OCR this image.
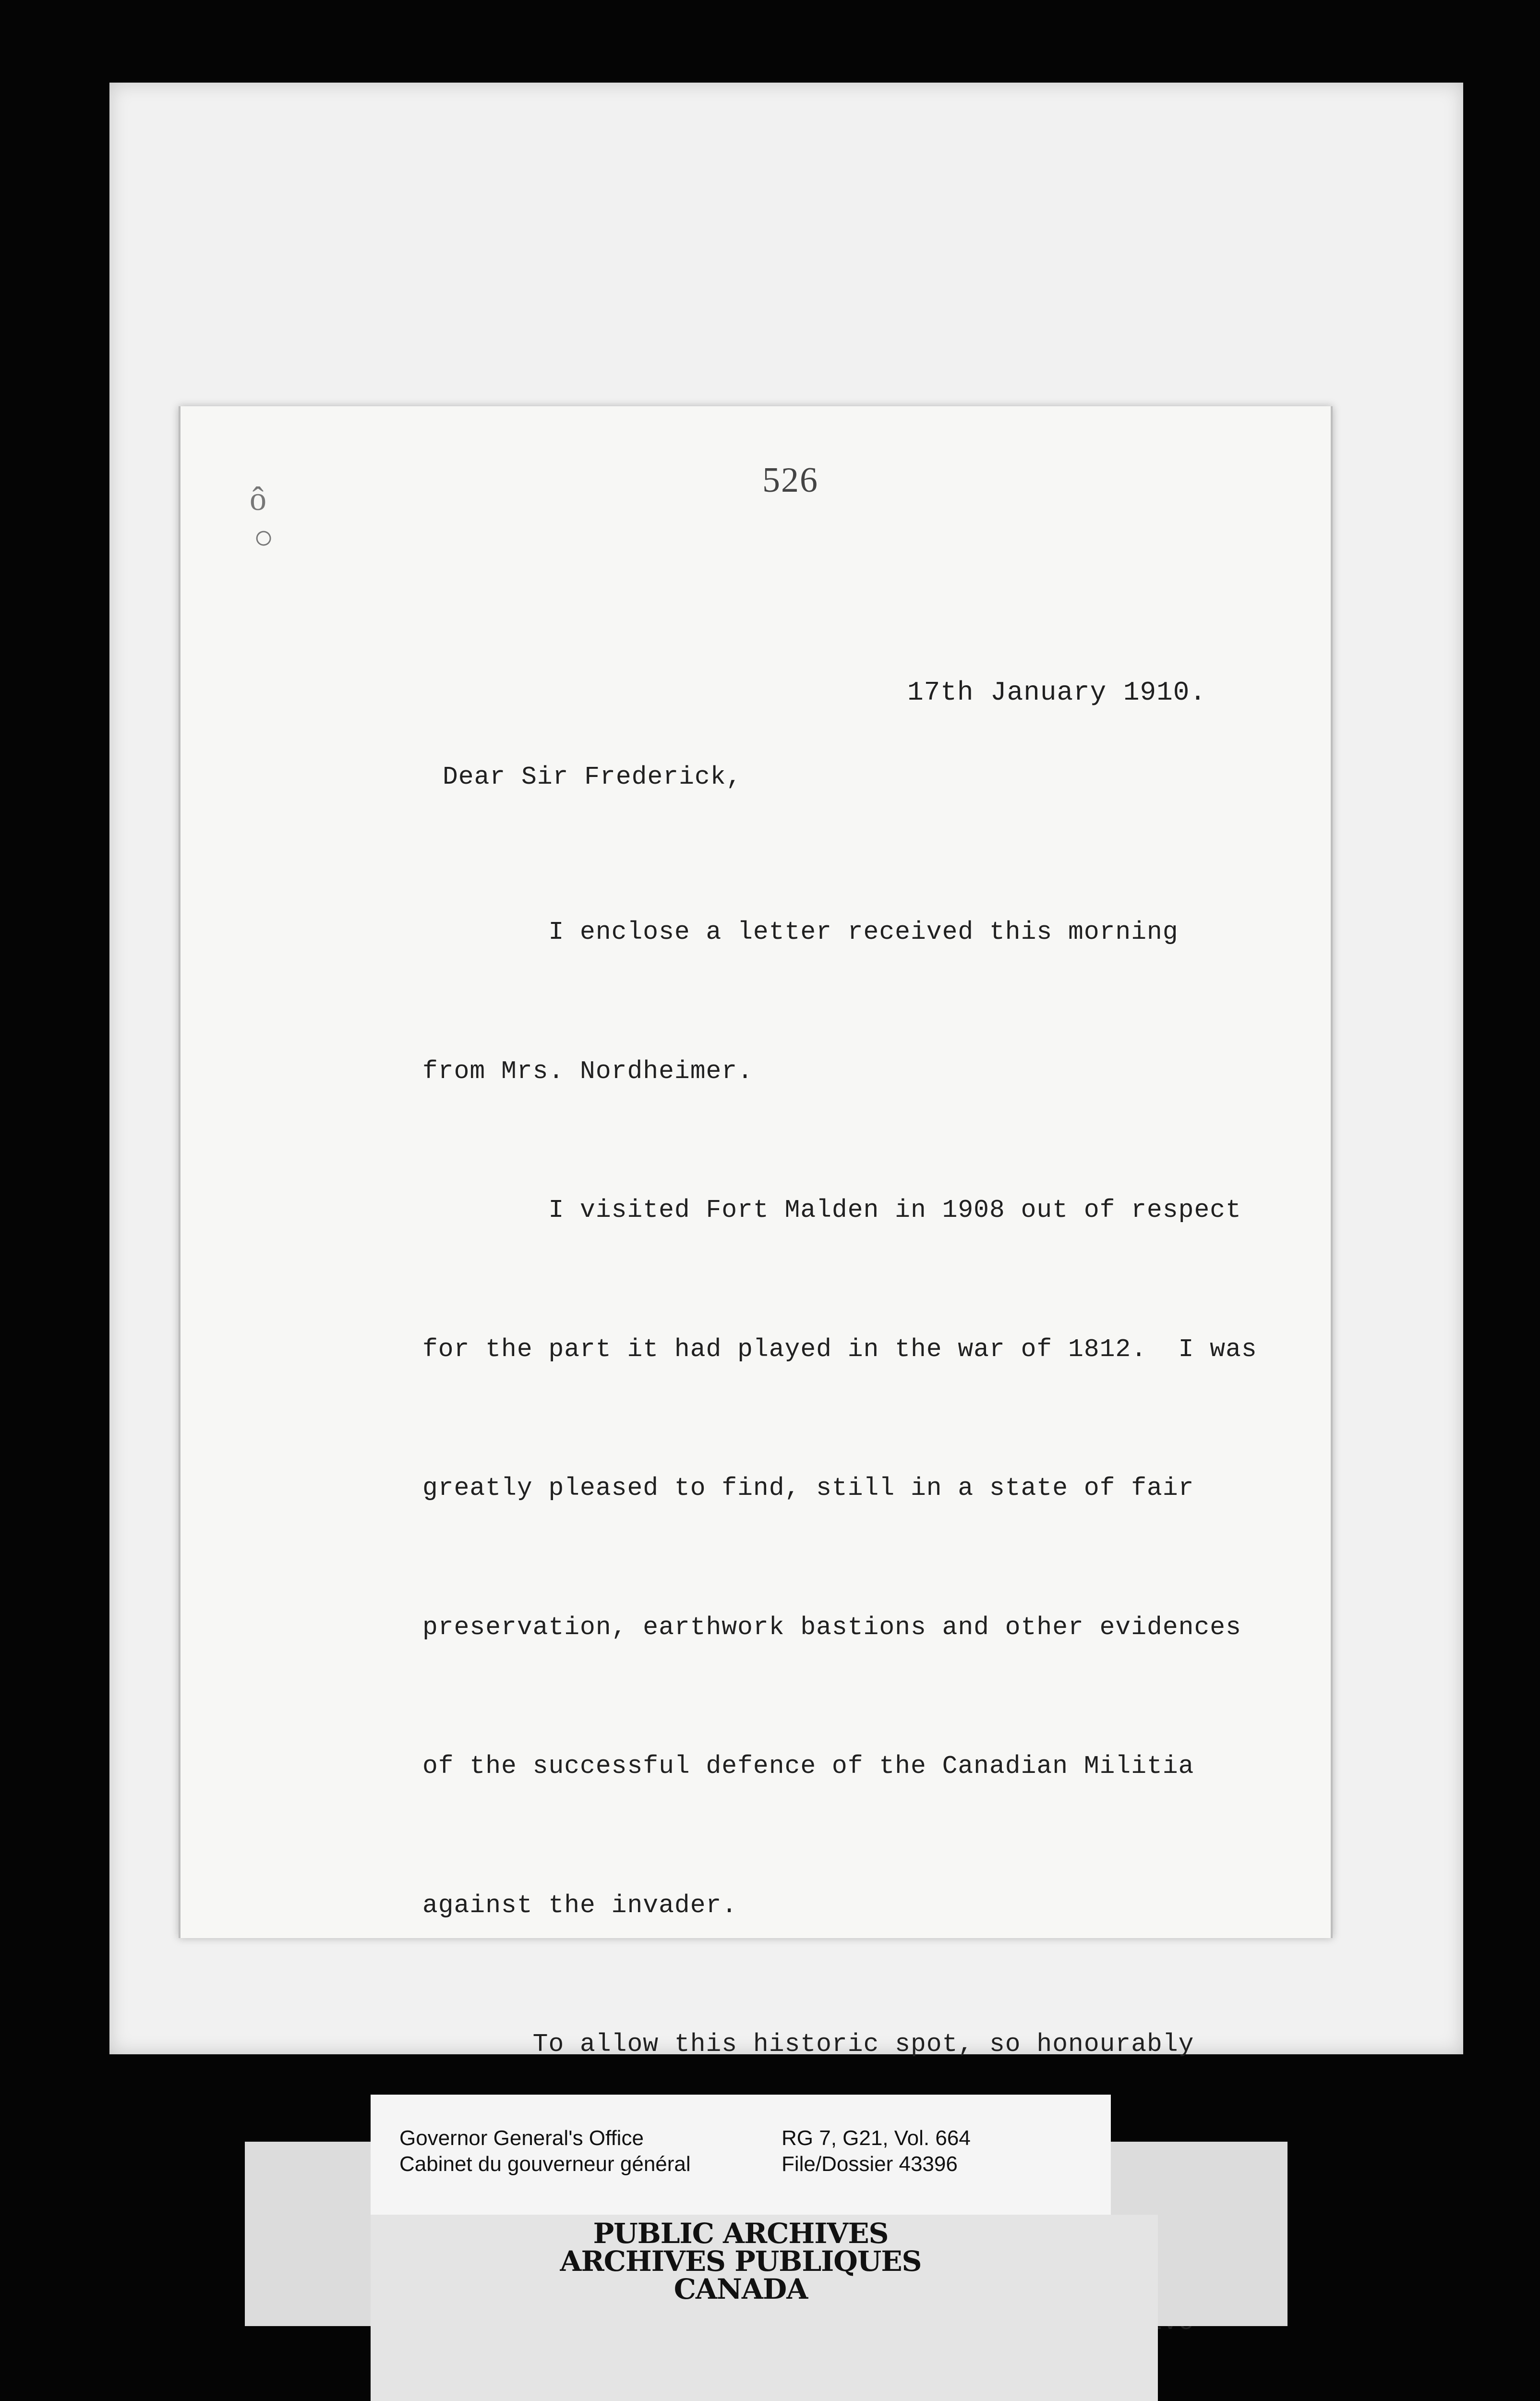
ô
○
526
17th January 1910.
Dear Sir Frederick,

I enclose a letter received this morning

from Mrs. Nordheimer.

I visited Fort Malden in 1908 out of respect

for the part it had played in the war of 1812.  I was

greatly pleased to find, still in a state of fair

preservation, earthwork bastions and other evidences

of the successful defence of the Canadian Militia

against the invader.

To allow this historic spot, so honourably

Governor General's Office
Cabinet du gouverneur général
RG 7, G21, Vol. 664
File/Dossier 43396
PUBLIC ARCHIVES
ARCHIVES PUBLIQUES
CANADA
